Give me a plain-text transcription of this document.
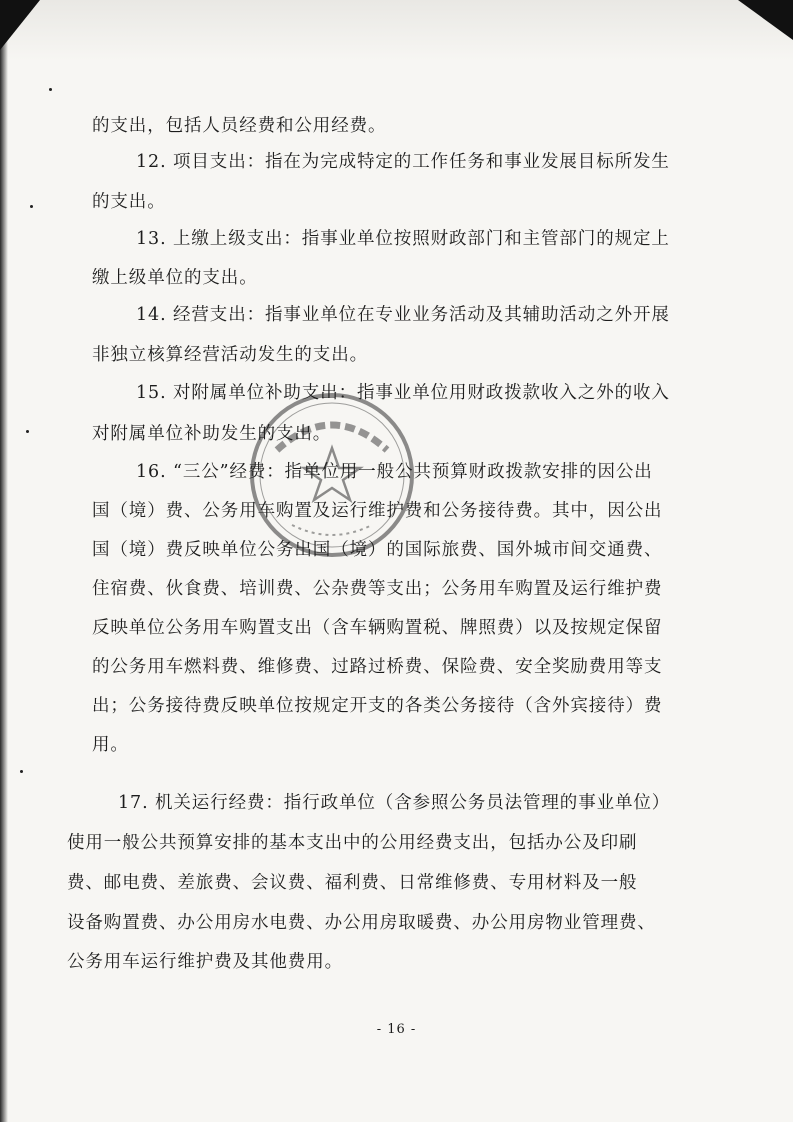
的支出，包括人员经费和公用经费。
12. 项目支出：指在为完成特定的工作任务和事业发展目标所发生
的支出。
13. 上缴上级支出：指事业单位按照财政部门和主管部门的规定上
缴上级单位的支出。
14. 经营支出：指事业单位在专业业务活动及其辅助活动之外开展
非独立核算经营活动发生的支出。
15. 对附属单位补助支出：指事业单位用财政拨款收入之外的收入
对附属单位补助发生的支出。
16. “三公”经费：指单位用一般公共预算财政拨款安排的因公出
国（境）费、公务用车购置及运行维护费和公务接待费。其中，因公出
国（境）费反映单位公务出国（境）的国际旅费、国外城市间交通费、
住宿费、伙食费、培训费、公杂费等支出；公务用车购置及运行维护费
反映单位公务用车购置支出（含车辆购置税、牌照费）以及按规定保留
的公务用车燃料费、维修费、过路过桥费、保险费、安全奖励费用等支
出；公务接待费反映单位按规定开支的各类公务接待（含外宾接待）费
用。
17. 机关运行经费：指行政单位（含参照公务员法管理的事业单位）
使用一般公共预算安排的基本支出中的公用经费支出，包括办公及印刷
费、邮电费、差旅费、会议费、福利费、日常维修费、专用材料及一般
设备购置费、办公用房水电费、办公用房取暖费、办公用房物业管理费、
公务用车运行维护费及其他费用。
- 16 -
